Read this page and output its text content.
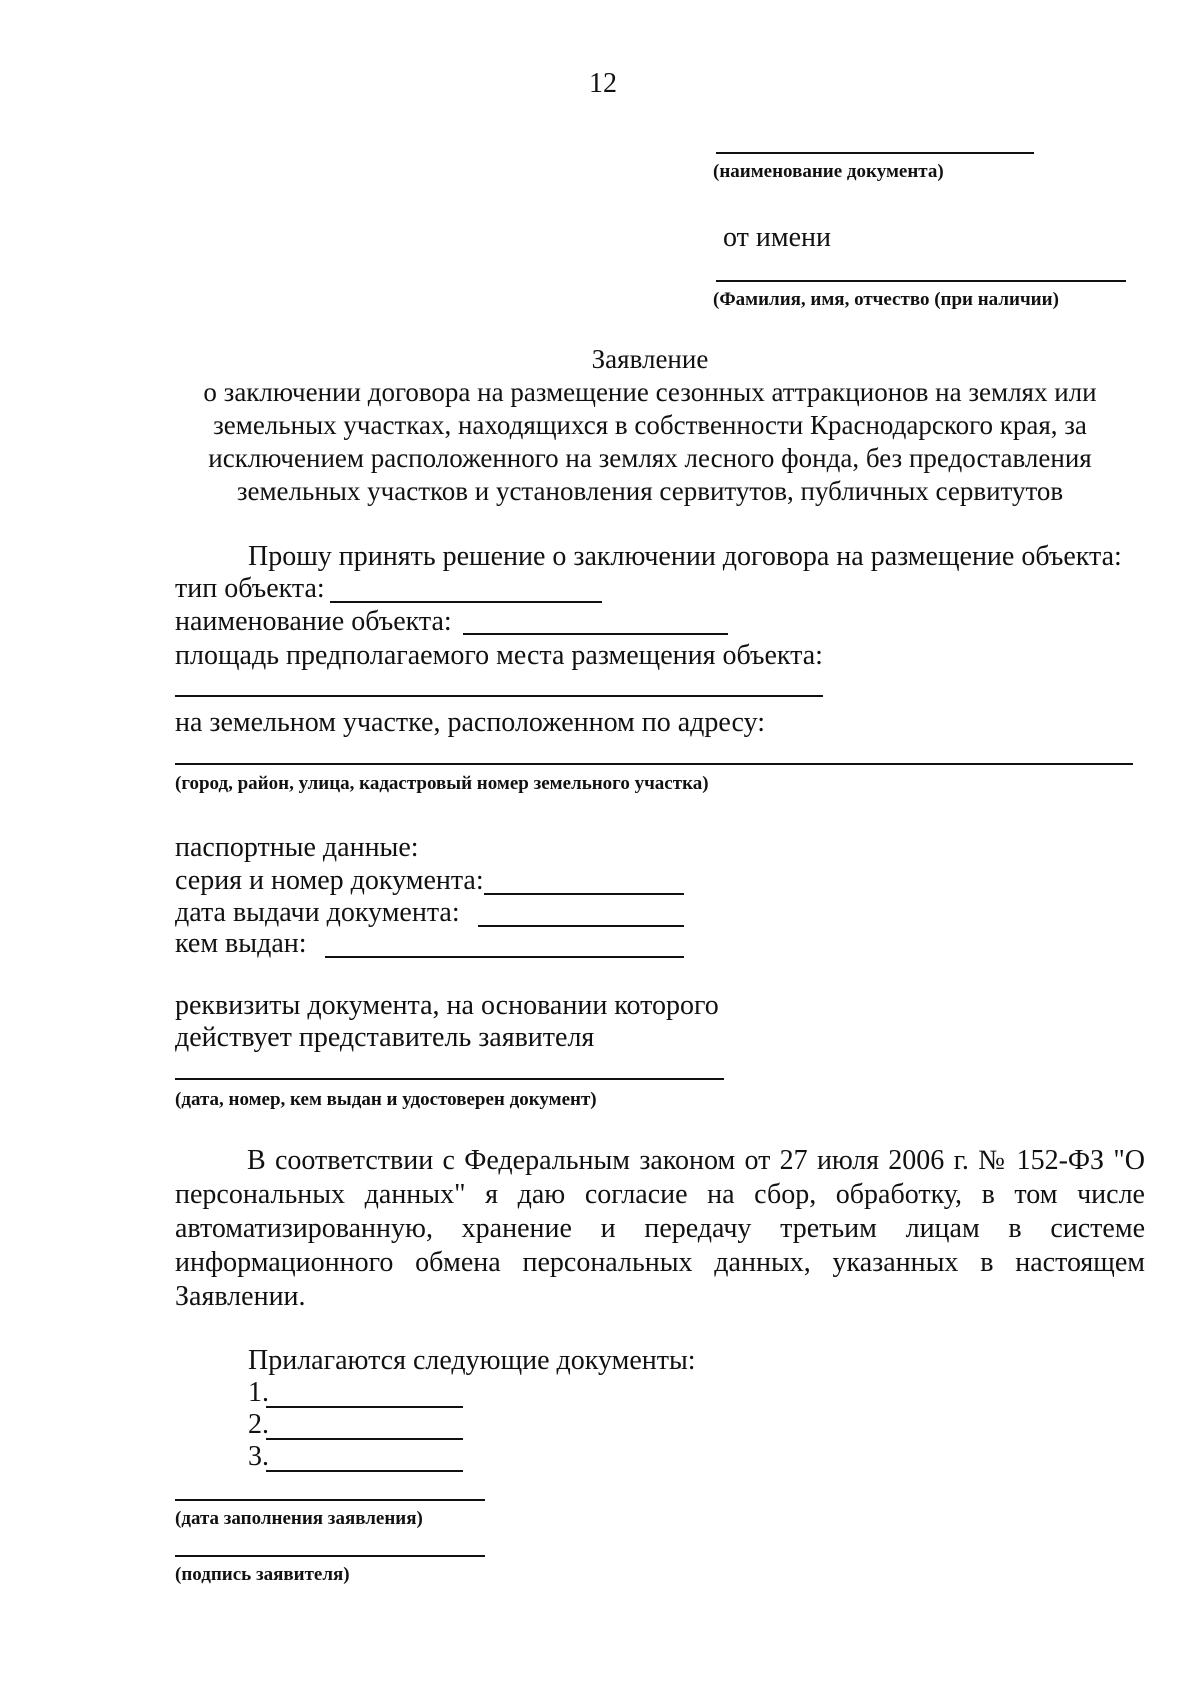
12
(наименование документа)
от имени
(Фамилия, имя, отчество (при наличии)
Заявление
о заключении договора на размещение сезонных аттракционов на землях или
земельных участках, находящихся в собственности Краснодарского края, за
исключением расположенного на землях лесного фонда, без предоставления
земельных участков и установления сервитутов, публичных сервитутов
Прошу принять решение о заключении договора на размещение объекта:
тип объекта:
наименование объекта:
площадь предполагаемого места размещения объекта:
на земельном участке, расположенном по адресу:
(город, район, улица, кадастровый номер земельного участка)
паспортные данные:
серия и номер документа:
дата выдачи документа:
кем выдан:
реквизиты документа, на основании которого
действует представитель заявителя
(дата, номер, кем выдан и удостоверен документ)
В соответствии с Федеральным законом от 27 июля 2006 г. № 152-ФЗ "О персональных данных" я даю согласие на сбор, обработку, в том числе автоматизированную, хранение и передачу третьим лицам в системе информационного обмена персональных данных, указанных в настоящем Заявлении.
Прилагаются следующие документы:
1.
2.
3.
(дата заполнения заявления)
(подпись заявителя)
